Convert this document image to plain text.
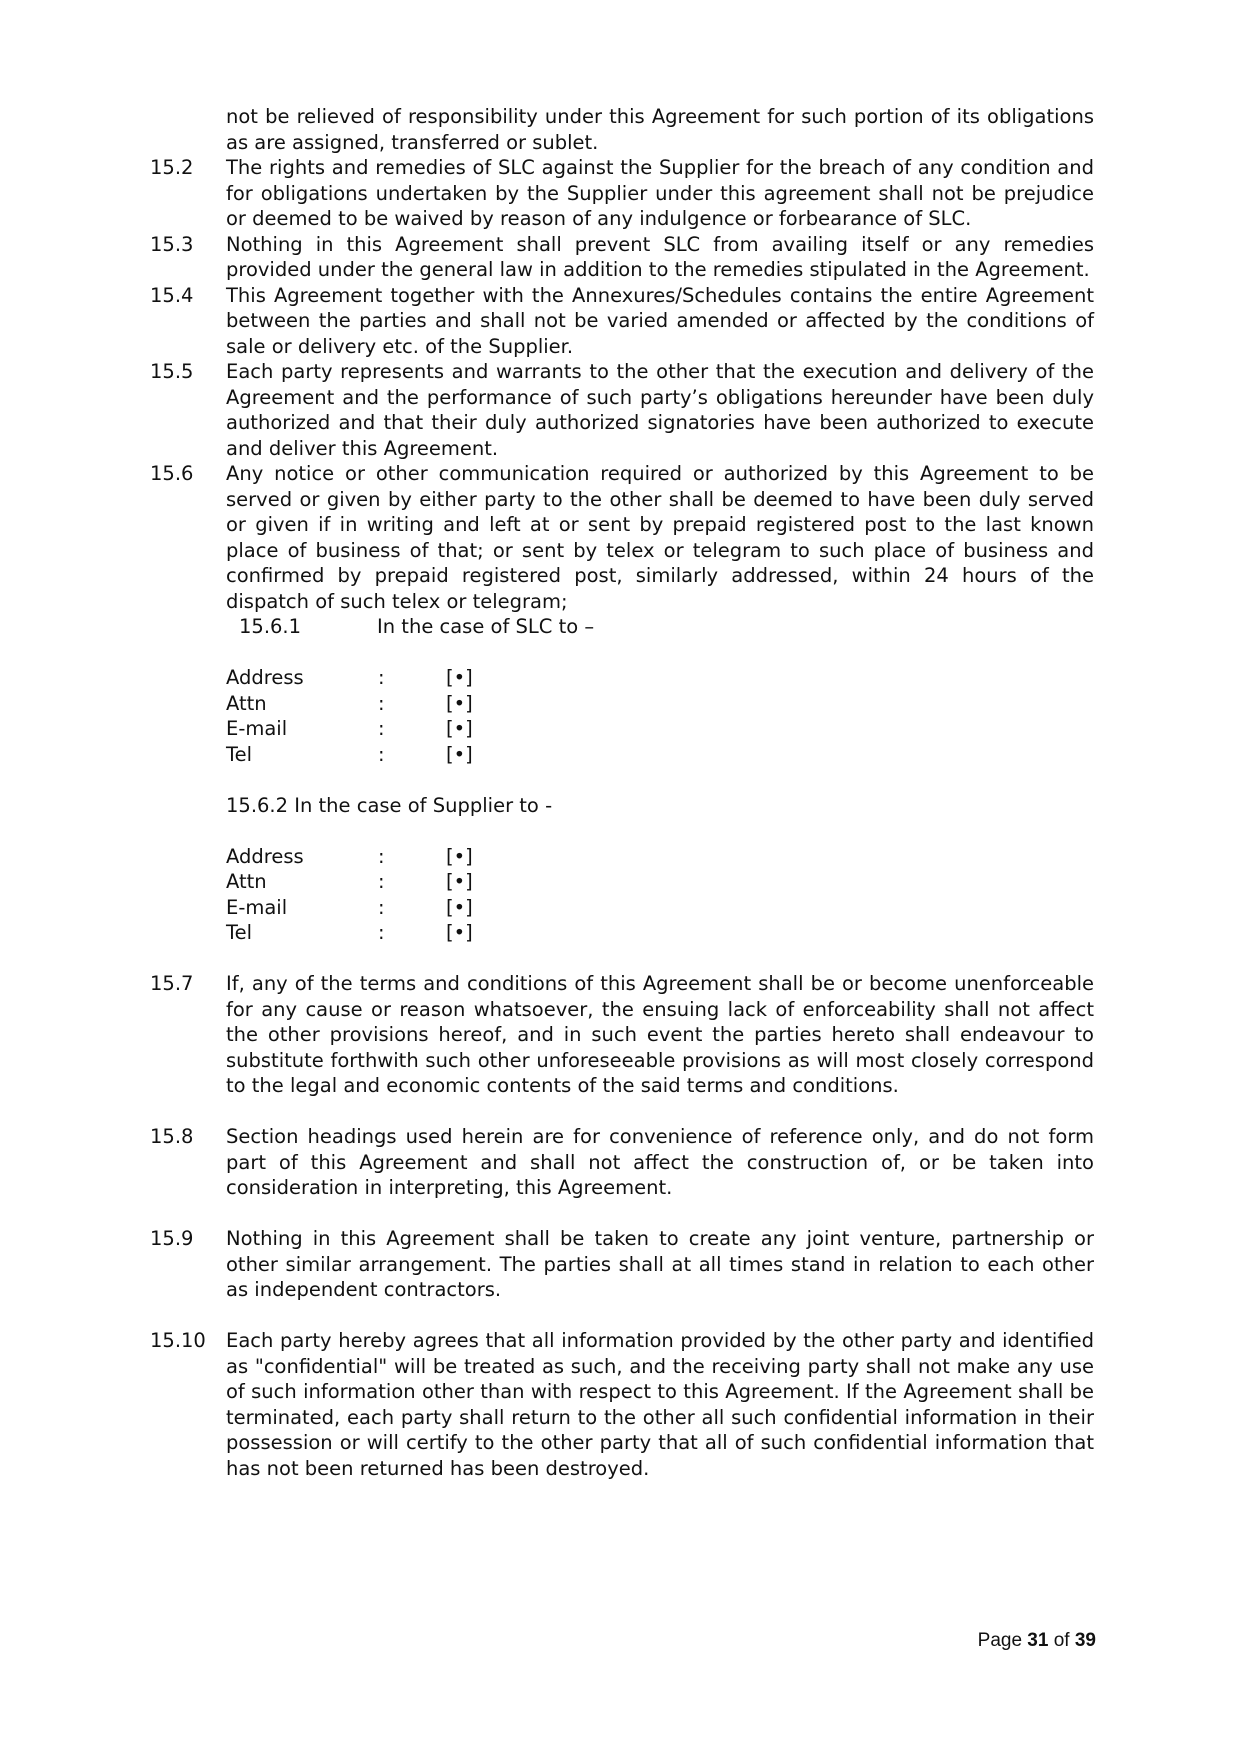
not be relieved of responsibility under this Agreement for such portion of its obligations as are assigned, transferred or sublet.
15.2	The rights and remedies of SLC against the Supplier for the breach of any condition and for obligations undertaken by the Supplier under this agreement shall not be prejudice or deemed to be waived by reason of any indulgence or forbearance of SLC.
15.3	Nothing in this Agreement shall prevent SLC from availing itself or any remedies provided under the general law in addition to the remedies stipulated in the Agreement.
15.4	This Agreement together with the Annexures/Schedules contains the entire Agreement between the parties and shall not be varied amended or affected by the conditions of sale or delivery etc. of the Supplier.
15.5	Each party represents and warrants to the other that the execution and delivery of the Agreement and the performance of such party’s obligations hereunder have been duly authorized and that their duly authorized signatories have been authorized to execute and deliver this Agreement.
15.6	Any notice or other communication required or authorized by this Agreement to be served or given by either party to the other shall be deemed to have been duly served or given if in writing and left at or sent by prepaid registered post to the last known place of business of that; or sent by telex or telegram to such place of business and confirmed by prepaid registered post, similarly addressed, within 24 hours of the dispatch of such telex or telegram;
15.6.1	In the case of SLC to –
Address	:	[•]
Attn	:	[•]
E-mail	:	[•]
Tel	:	[•]
15.6.2 In the case of Supplier to -
Address	:	[•]
Attn	:	[•]
E-mail	:	[•]
Tel	:	[•]
15.7	If, any of the terms and conditions of this Agreement shall be or become unenforceable for any cause or reason whatsoever, the ensuing lack of enforceability shall not affect the other provisions hereof, and in such event the parties hereto shall endeavour to substitute forthwith such other unforeseeable provisions as will most closely correspond to the legal and economic contents of the said terms and conditions.
15.8	Section headings used herein are for convenience of reference only, and do not form part of this Agreement and shall not affect the construction of, or be taken into consideration in interpreting, this Agreement.
15.9	Nothing in this Agreement shall be taken to create any joint venture, partnership or other similar arrangement. The parties shall at all times stand in relation to each other as independent contractors.
15.10	Each party hereby agrees that all information provided by the other party and identified as "confidential" will be treated as such, and the receiving party shall not make any use of such information other than with respect to this Agreement. If the Agreement shall be terminated, each party shall return to the other all such confidential information in their possession or will certify to the other party that all of such confidential information that has not been returned has been destroyed.
Page 31 of 39
